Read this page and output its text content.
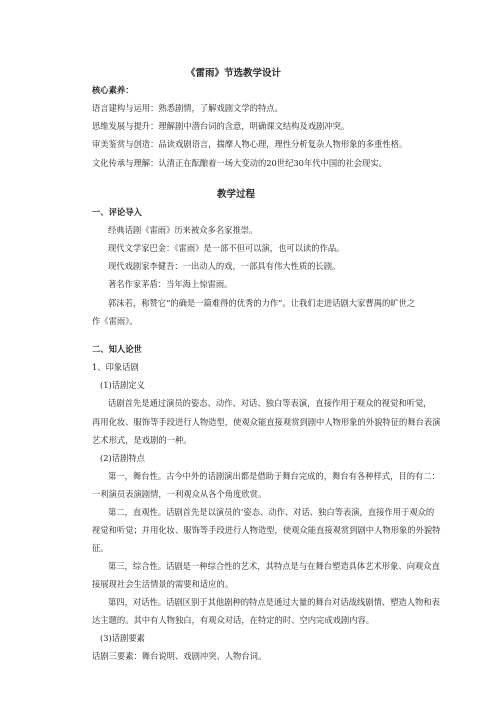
《雷雨》节选教学设计
核心素养：
语言建构与运用：熟悉剧情，了解戏剧文学的特点。
思维发展与提升：理解剧中潜台词的含意，明确课文结构及戏剧冲突。
审美鉴赏与创造：品读戏剧语言，揣摩人物心理，理性分析复杂人物形象的多重性格。
文化传承与理解：认清正在酝酿着一场大变动的20世纪30年代中国的社会现实。
教学过程
一、评论导入
经典话剧《雷雨》历来被众多名家推崇。
现代文学家巴金：《雷雨》是一部不但可以演，也可以读的作品。
现代戏剧家李健吾：一出动人的戏，一部具有伟大性质的长剧。
著名作家茅盾：当年海上惊雷雨。
郭沫若，称赞它“的确是一篇难得的优秀的力作”。让我们走进话剧大家曹禺的旷世之
作《雷雨》。
二、知人论世
1、印象话剧
(1)话剧定义
话剧首先是通过演员的姿态、动作、对话、独白等表演，直接作用于观众的视觉和听觉，
再用化妆、服饰等手段进行人物造型，使观众能直接观赏到剧中人物形象的外貌特征的舞台表演
艺术形式，是戏剧的一种。
(2)话剧特点
第一，舞台性。古今中外的话剧演出都是借助于舞台完成的，舞台有各种样式，目的有二：
一利演员表演剧情，一利观众从各个角度欣赏。
第二，直观性。话剧首先是以演员的‘姿态、动作、对话、独白等表演，直接作用于观众的
视觉和听觉；并用化妆、服饰等手段进行人物造型，使观众能直接观赏到剧中人物形象的外貌特
征。
第三，综合性。话剧是一种综合性的艺术，其特点是与在舞台塑造具体艺术形象、向观众直
接展现社会生活情景的需要和适应的。
第四，对话性。话剧区别于其他剧种的特点是通过大量的舞台对话战线剧情、塑造人物和表
达主题的。其中有人物独白，有观众对话，在特定的时、空内完成戏剧内容。
(3)话剧要素
话剧三要素：舞台说明、戏剧冲突、人物台词。
